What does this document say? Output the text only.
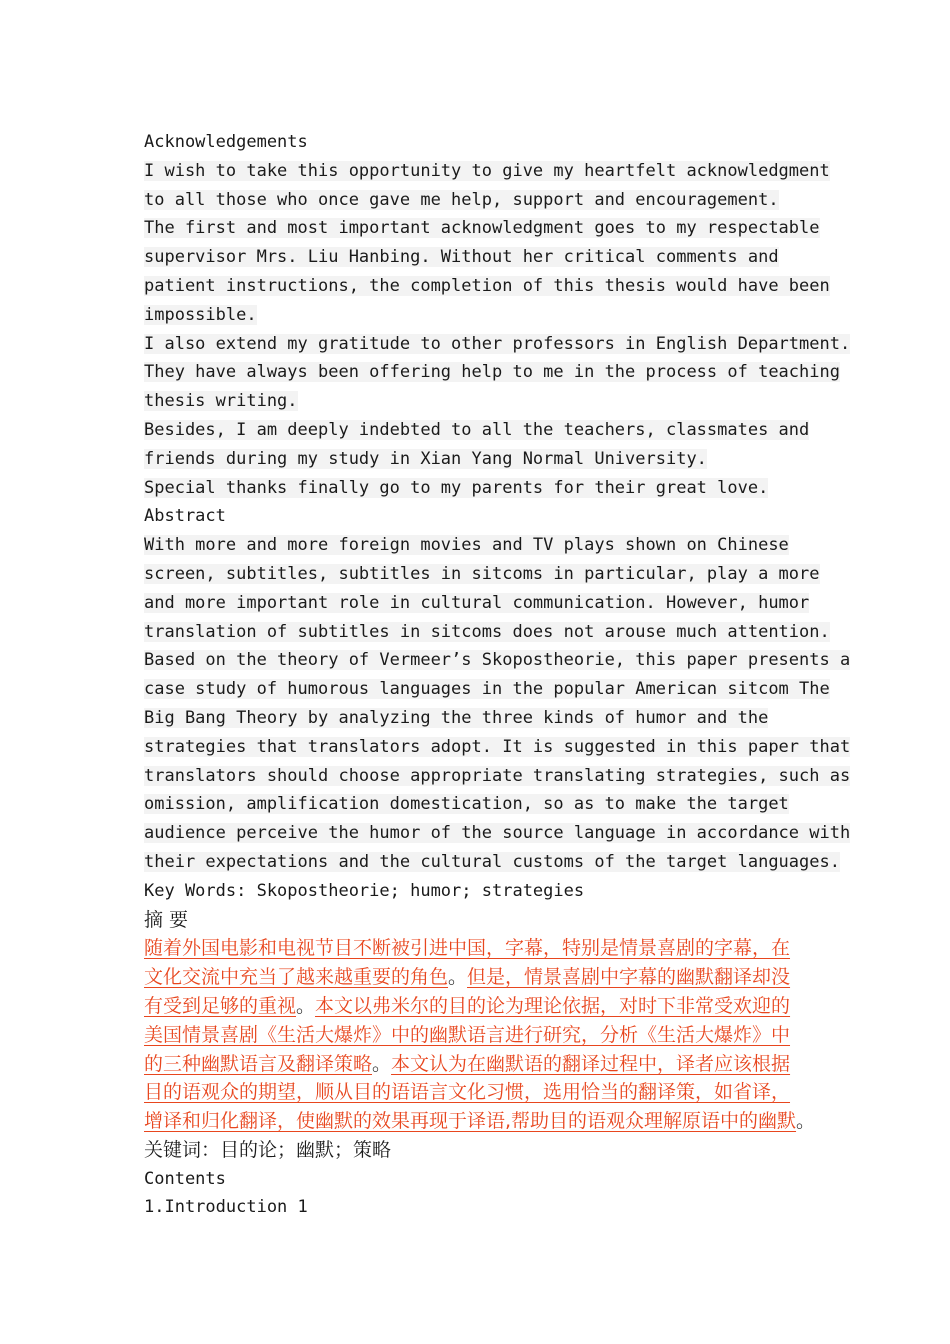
Acknowledgements
I wish to take this opportunity to give my heartfelt acknowledgment
to all those who once gave me help, support and encouragement.
The first and most important acknowledgment goes to my respectable
supervisor Mrs. Liu Hanbing. Without her critical comments and
patient instructions, the completion of this thesis would have been
impossible.
I also extend my gratitude to other professors in English Department.
They have always been offering help to me in the process of teaching
thesis writing.
Besides, I am deeply indebted to all the teachers, classmates and
friends during my study in Xian Yang Normal University.
Special thanks finally go to my parents for their great love.
Abstract
With more and more foreign movies and TV plays shown on Chinese
screen, subtitles, subtitles in sitcoms in particular, play a more
and more important role in cultural communication. However, humor
translation of subtitles in sitcoms does not arouse much attention.
Based on the theory of Vermeer’s Skopostheorie, this paper presents a
case study of humorous languages in the popular American sitcom The
Big Bang Theory by analyzing the three kinds of humor and the
strategies that translators adopt. It is suggested in this paper that
translators should choose appropriate translating strategies, such as
omission, amplification domestication, so as to make the target
audience perceive the humor of the source language in accordance with
their expectations and the cultural customs of the target languages.
Key Words: Skopostheorie; humor; strategies
摘 要
随着外国电影和电视节目不断被引进中国，字幕，特别是情景喜剧的字幕，在
文化交流中充当了越来越重要的角色。但是，情景喜剧中字幕的幽默翻译却没
有受到足够的重视。本文以弗米尔的目的论为理论依据，对时下非常受欢迎的
美国情景喜剧《生活大爆炸》中的幽默语言进行研究，分析《生活大爆炸》中
的三种幽默语言及翻译策略。本文认为在幽默语的翻译过程中，译者应该根据
目的语观众的期望，顺从目的语语言文化习惯，选用恰当的翻译策，如省译，
增译和归化翻译，使幽默的效果再现于译语,帮助目的语观众理解原语中的幽默。
关键词：目的论；幽默；策略
Contents
1.Introduction 1
